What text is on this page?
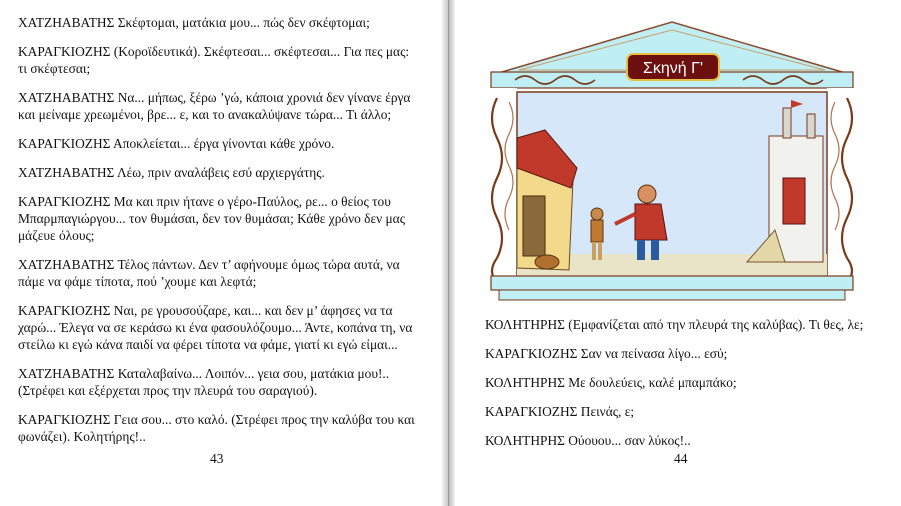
ΧΑΤΖΗΑΒΑΤΗΣ Σκέφτομαι, ματάκια μου... πώς δεν σκέφτομαι;

ΚΑΡΑΓΚΙΟΖΗΣ (Κοροϊδευτικά). Σκέφτεσαι... σκέφτεσαι... Για πες μας: τι σκέφτεσαι;

ΧΑΤΖΗΑΒΑΤΗΣ Να... μήπως, ξέρω ’γώ, κάποια χρονιά δεν γίνανε έργα και μείναμε χρεωμένοι, βρε... ε, και το ανακαλύψανε τώρα... Τι άλλο;

ΚΑΡΑΓΚΙΟΖΗΣ Αποκλείεται... έργα γίνονται κάθε χρόνο.

ΧΑΤΖΗΑΒΑΤΗΣ Λέω, πριν αναλάβεις εσύ αρχιεργάτης.

ΚΑΡΑΓΚΙΟΖΗΣ Μα και πριν ήτανε ο γέρο-Παύλος, ρε... ο θείος του Μπαρμπαγιώργου... τον θυμάσαι, δεν τον θυμάσαι; Κάθε χρόνο δεν μας μάζευε όλους;

ΧΑΤΖΗΑΒΑΤΗΣ Τέλος πάντων. Δεν τ’ αφήνουμε όμως τώρα αυτά, να πάμε να φάμε τίποτα, πού ’χουμε και λεφτά;

ΚΑΡΑΓΚΙΟΖΗΣ Ναι, ρε γρουσούζαρε, και... και δεν μ’ άφησες να τα χαρώ... Έλεγα να σε κεράσω κι ένα φασουλόζουμο... Άντε, κοπάνα τη, να στείλω κι εγώ κάνα παιδί να φέρει τίποτα να φάμε, γιατί κι εγώ είμαι...

ΧΑΤΖΗΑΒΑΤΗΣ Καταλαβαίνω... Λοιπόν... γεια σου, ματάκια μου!.. (Στρέφει και εξέρχεται προς την πλευρά του σαραγιού).

ΚΑΡΑΓΚΙΟΖΗΣ Γεια σου... στο καλό. (Στρέφει προς την καλύβα του και φωνάζει). Κολητήρης!..

43
Σκηνή Γ'

ΚΟΛΗΤΗΡΗΣ (Εμφανίζεται από την πλευρά της καλύβας). Τι θες, λε;

ΚΑΡΑΓΚΙΟΖΗΣ Σαν να πείνασα λίγο... εσύ;

ΚΟΛΗΤΗΡΗΣ Με δουλεύεις, καλέ μπαμπάκο;

ΚΑΡΑΓΚΙΟΖΗΣ Πεινάς, ε;

ΚΟΛΗΤΗΡΗΣ Ούουου... σαν λύκος!..

44
